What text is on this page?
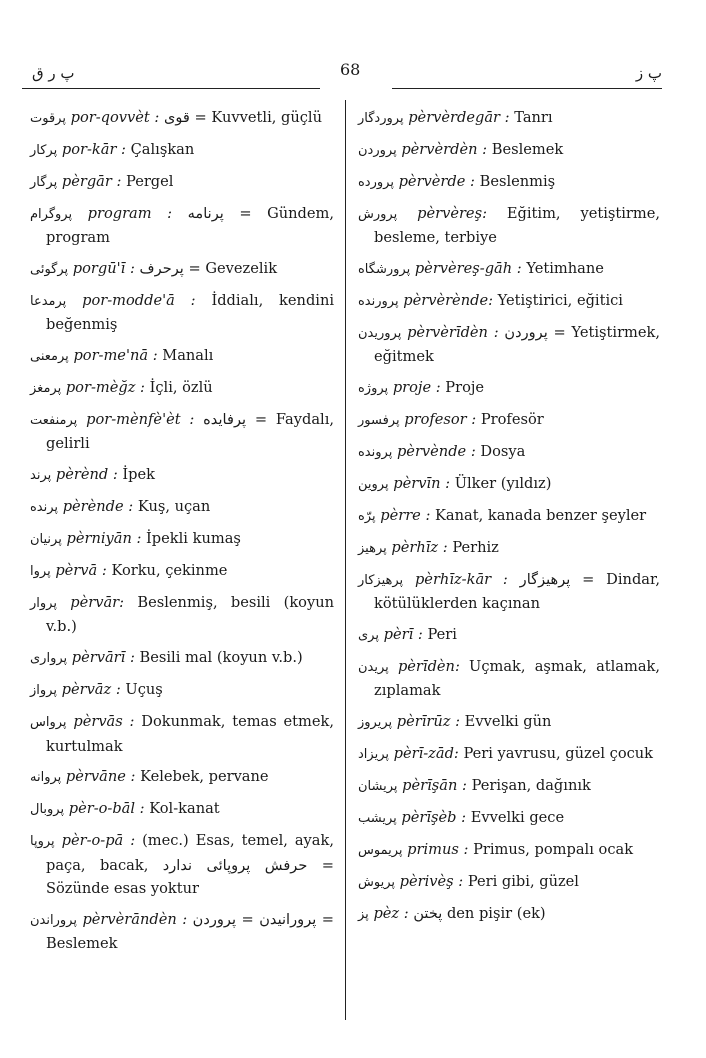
پ ر ق	68	پ ز

پرقوت por-qovvèt : قوى = Kuvvetli, güçlü

پركار por-kār : Çalışkan

پرگار pèrgār : Pergel

پروگرام program : پرنامه = Gündem, program

پرگوئى porgū'ī : پرحرف = Gevezelik

پرمدعا por-modde'ā : İddialı, kendini beğenmiş

پرمعنى por-me'nā : Manalı

پرمغز por-mèğz : İçli, özlü

پرمنفعت por-mènfè'èt : پرفايده = Faydalı, gelirli

پرند pèrènd : İpek

پرنده pèrènde : Kuş, uçan

پرنيان pèrniyān : İpekli kumaş

پروا pèrvā : Korku, çekinme

پروار pèrvār: Beslenmiş, besili (koyun v.b.)

پروارى pèrvārī : Besili mal (koyun v.b.)

پرواز pèrvāz : Uçuş

پرواس pèrvās : Dokunmak, temas etmek, kurtulmak

پروانه pèrvāne : Kelebek, pervane

پروبال pèr-o-bāl : Kol-kanat

پروپا pèr-o-pā : (mec.) Esas, temel, ayak, paça, bacak, حرفش پروپائى ندارد = Sözünde esas yoktur

پروراندن pèrvèrāndèn : پرورانيدن = پروردن = Beslemek

پروردگار pèrvèrdegār : Tanrı

پروردن pèrvèrdèn : Beslemek

پرورده pèrvèrde : Beslenmiş

پرورش pèrvèreş: Eğitim, yetiştirme, besleme, terbiye

پرورشگاه pèrvèreş-gāh : Yetimhane

پرورنده pèrvèrènde: Yetiştirici, eğitici

پروريدن pèrvèrīdèn : پروردن = Yetiştirmek, eğitmek

پروژه proje : Proje

پرفسور profesor : Profesör

پرونده pèrvènde : Dosya

پروين pèrvīn : Ülker (yıldız)

پرّه pèrre : Kanat, kanada benzer şeyler

پرهيز pèrhīz : Perhiz

پرهيزكار pèrhīz-kār : پرهيزگار = Dindar, kötülüklerden kaçınan

پرى pèrī : Peri

پريدن pèrīdèn: Uçmak, aşmak, atlamak, zıplamak

پريروز pèrīrūz : Evvelki gün

پريزاد pèrī-zād: Peri yavrusu, güzel çocuk

پريشان pèrīşān : Perişan, dağınık

پريشب pèrīşèb : Evvelki gece

پريموس primus : Primus, pompalı ocak

پريوش pèrivèş : Peri gibi, güzel

پز pèz : پختن den pişir (ek)
